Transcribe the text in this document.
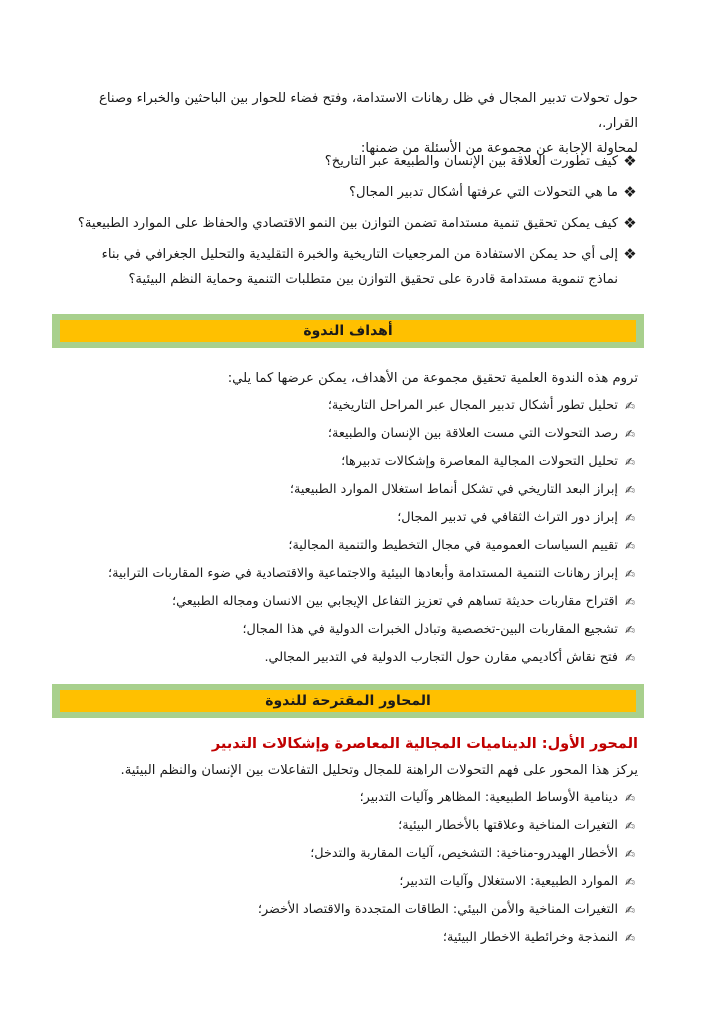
حول تحولات تدبير المجال في ظل رهانات الاستدامة، وفتح فضاء للحوار بين الباحثين والخبراء وصناع القرار.،

لمحاولة الإجابة عن مجموعة من الأسئلة من ضمنها:

❖
كيف تطورت العلاقة بين الإنسان والطبيعة عبر التاريخ؟
❖
ما هي التحولات التي عرفتها أشكال تدبير المجال؟
❖
كيف يمكن تحقيق تنمية مستدامة تضمن التوازن بين النمو الاقتصادي والحفاظ على الموارد الطبيعية؟
❖
إلى أي حد يمكن الاستفادة من المرجعيات التاريخية والخبرة التقليدية والتحليل الجغرافي في بناء نماذج تنموية مستدامة قادرة على تحقيق التوازن بين متطلبات التنمية وحماية النظم البيئية؟
أهداف الندوة
تروم هذه الندوة العلمية تحقيق مجموعة من الأهداف، يمكن عرضها كما يلي:
✍
تحليل تطور أشكال تدبير المجال عبر المراحل التاريخية؛
✍
رصد التحولات التي مست العلاقة بين الإنسان والطبيعة؛
✍
تحليل التحولات المجالية المعاصرة وإشكالات تدبيرها؛
✍
إبراز البعد التاريخي في تشكل أنماط استغلال الموارد الطبيعية؛
✍
إبراز دور التراث الثقافي في تدبير المجال؛
✍
تقييم السياسات العمومية في مجال التخطيط والتنمية المجالية؛
✍
إبراز رهانات التنمية المستدامة وأبعادها البيئية والاجتماعية والاقتصادية في ضوء المقاربات الترابية؛
✍
اقتراح مقاربات حديثة تساهم في تعزيز التفاعل الإيجابي بين الانسان ومجاله الطبيعي؛
✍
تشجيع المقاربات البين-تخصصية وتبادل الخبرات الدولية في هذا المجال؛
✍
فتح نقاش أكاديمي مقارن حول التجارب الدولية في التدبير المجالي.
المحاور المقترحة للندوة
المحور الأول: الديناميات المجالية المعاصرة وإشكالات التدبير
يركز هذا المحور على فهم التحولات الراهنة للمجال وتحليل التفاعلات بين الإنسان والنظم البيئية.
✍
دينامية الأوساط الطبيعية: المظاهر وآليات التدبير؛
✍
التغيرات المناخية وعلاقتها بالأخطار البيئية؛
✍
الأخطار الهيدرو-مناخية: التشخيص، آليات المقاربة والتدخل؛
✍
الموارد الطبيعية: الاستغلال وآليات التدبير؛
✍
التغيرات المناخية والأمن البيئي: الطاقات المتجددة والاقتصاد الأخضر؛
✍
النمذجة وخرائطية الاخطار البيئية؛
